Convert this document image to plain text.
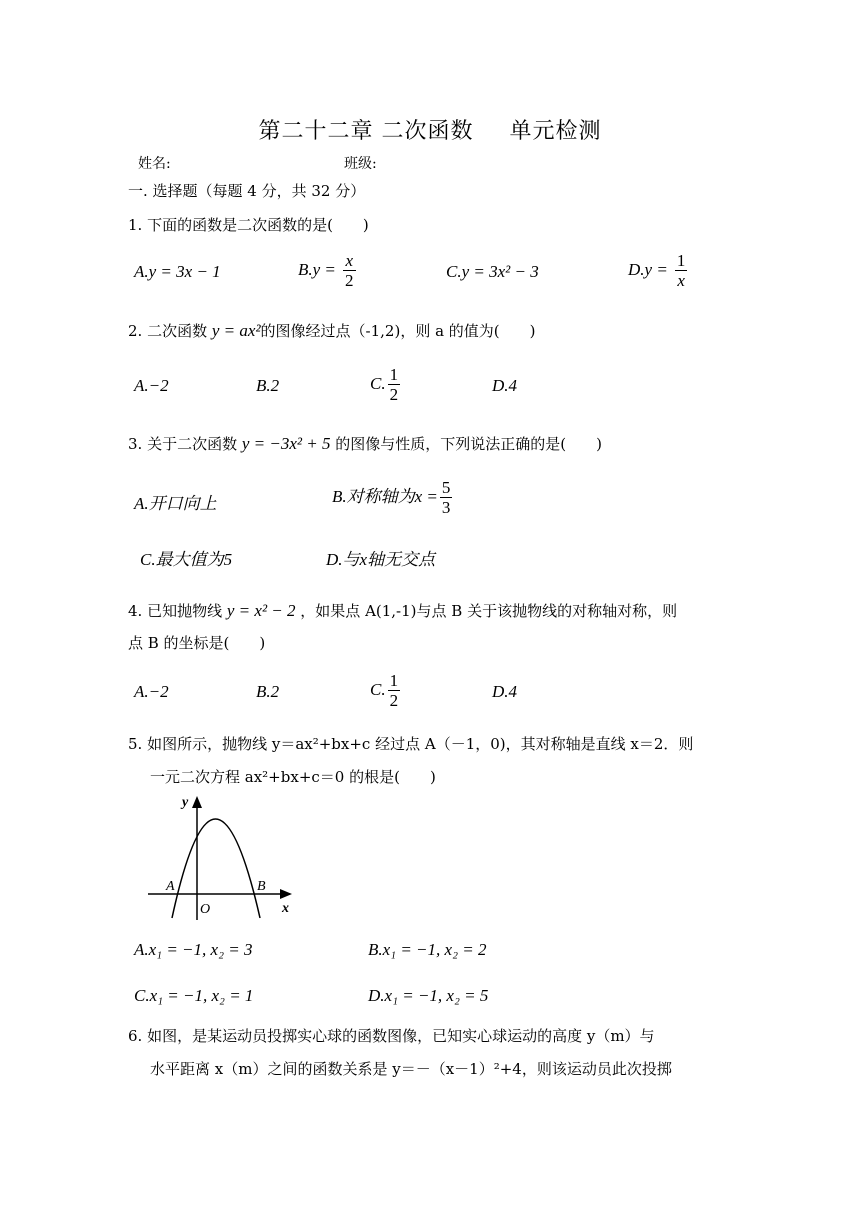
第二十二章 二次函数 单元检测
姓名:	班级:
一. 选择题（每题 4 分，共 32 分）
1. 下面的函数是二次函数的是(　　)
A.y = 3x − 1	$B.y = \frac{x}{2}$	C.y = 3x² − 3	$D.y = \frac{1}{x}$
2. 二次函数 y = ax²的图像经过点（-1,2)，则 a 的值为(　　)
A.−2	B.2	C. $\frac{1}{2}$	D.4
3. 关于二次函数 y = −3x² + 5 的图像与性质，下列说法正确的是(　　)
A.开口向上	B.对称轴为$x = \frac{5}{3}$
C.最大值为5	D.与x轴无交点
4. 已知抛物线 y = x² − 2 ，如果点 A(1,-1)与点 B 关于该抛物线的对称轴对称，则
点 B 的坐标是(　　)
A.−2	B.2	C. $\frac{1}{2}$	D.4
5. 如图所示，抛物线 y＝ax²+bx+c 经过点 A（－1，0)，其对称轴是直线 x＝2．则
一元二次方程 ax²+bx+c＝0 的根是(　　)
y
x
A	B
O
A.x₁ = −1, x₂ = 3	B.x₁ = −1, x₂ = 2
C.x₁ = −1, x₂ = 1	D.x₁ = −1, x₂ = 5
6. 如图，是某运动员投掷实心球的函数图像，已知实心球运动的高度 y（m）与
水平距离 x（m）之间的函数关系是 y＝－（x－1）²+4，则该运动员此次投掷
